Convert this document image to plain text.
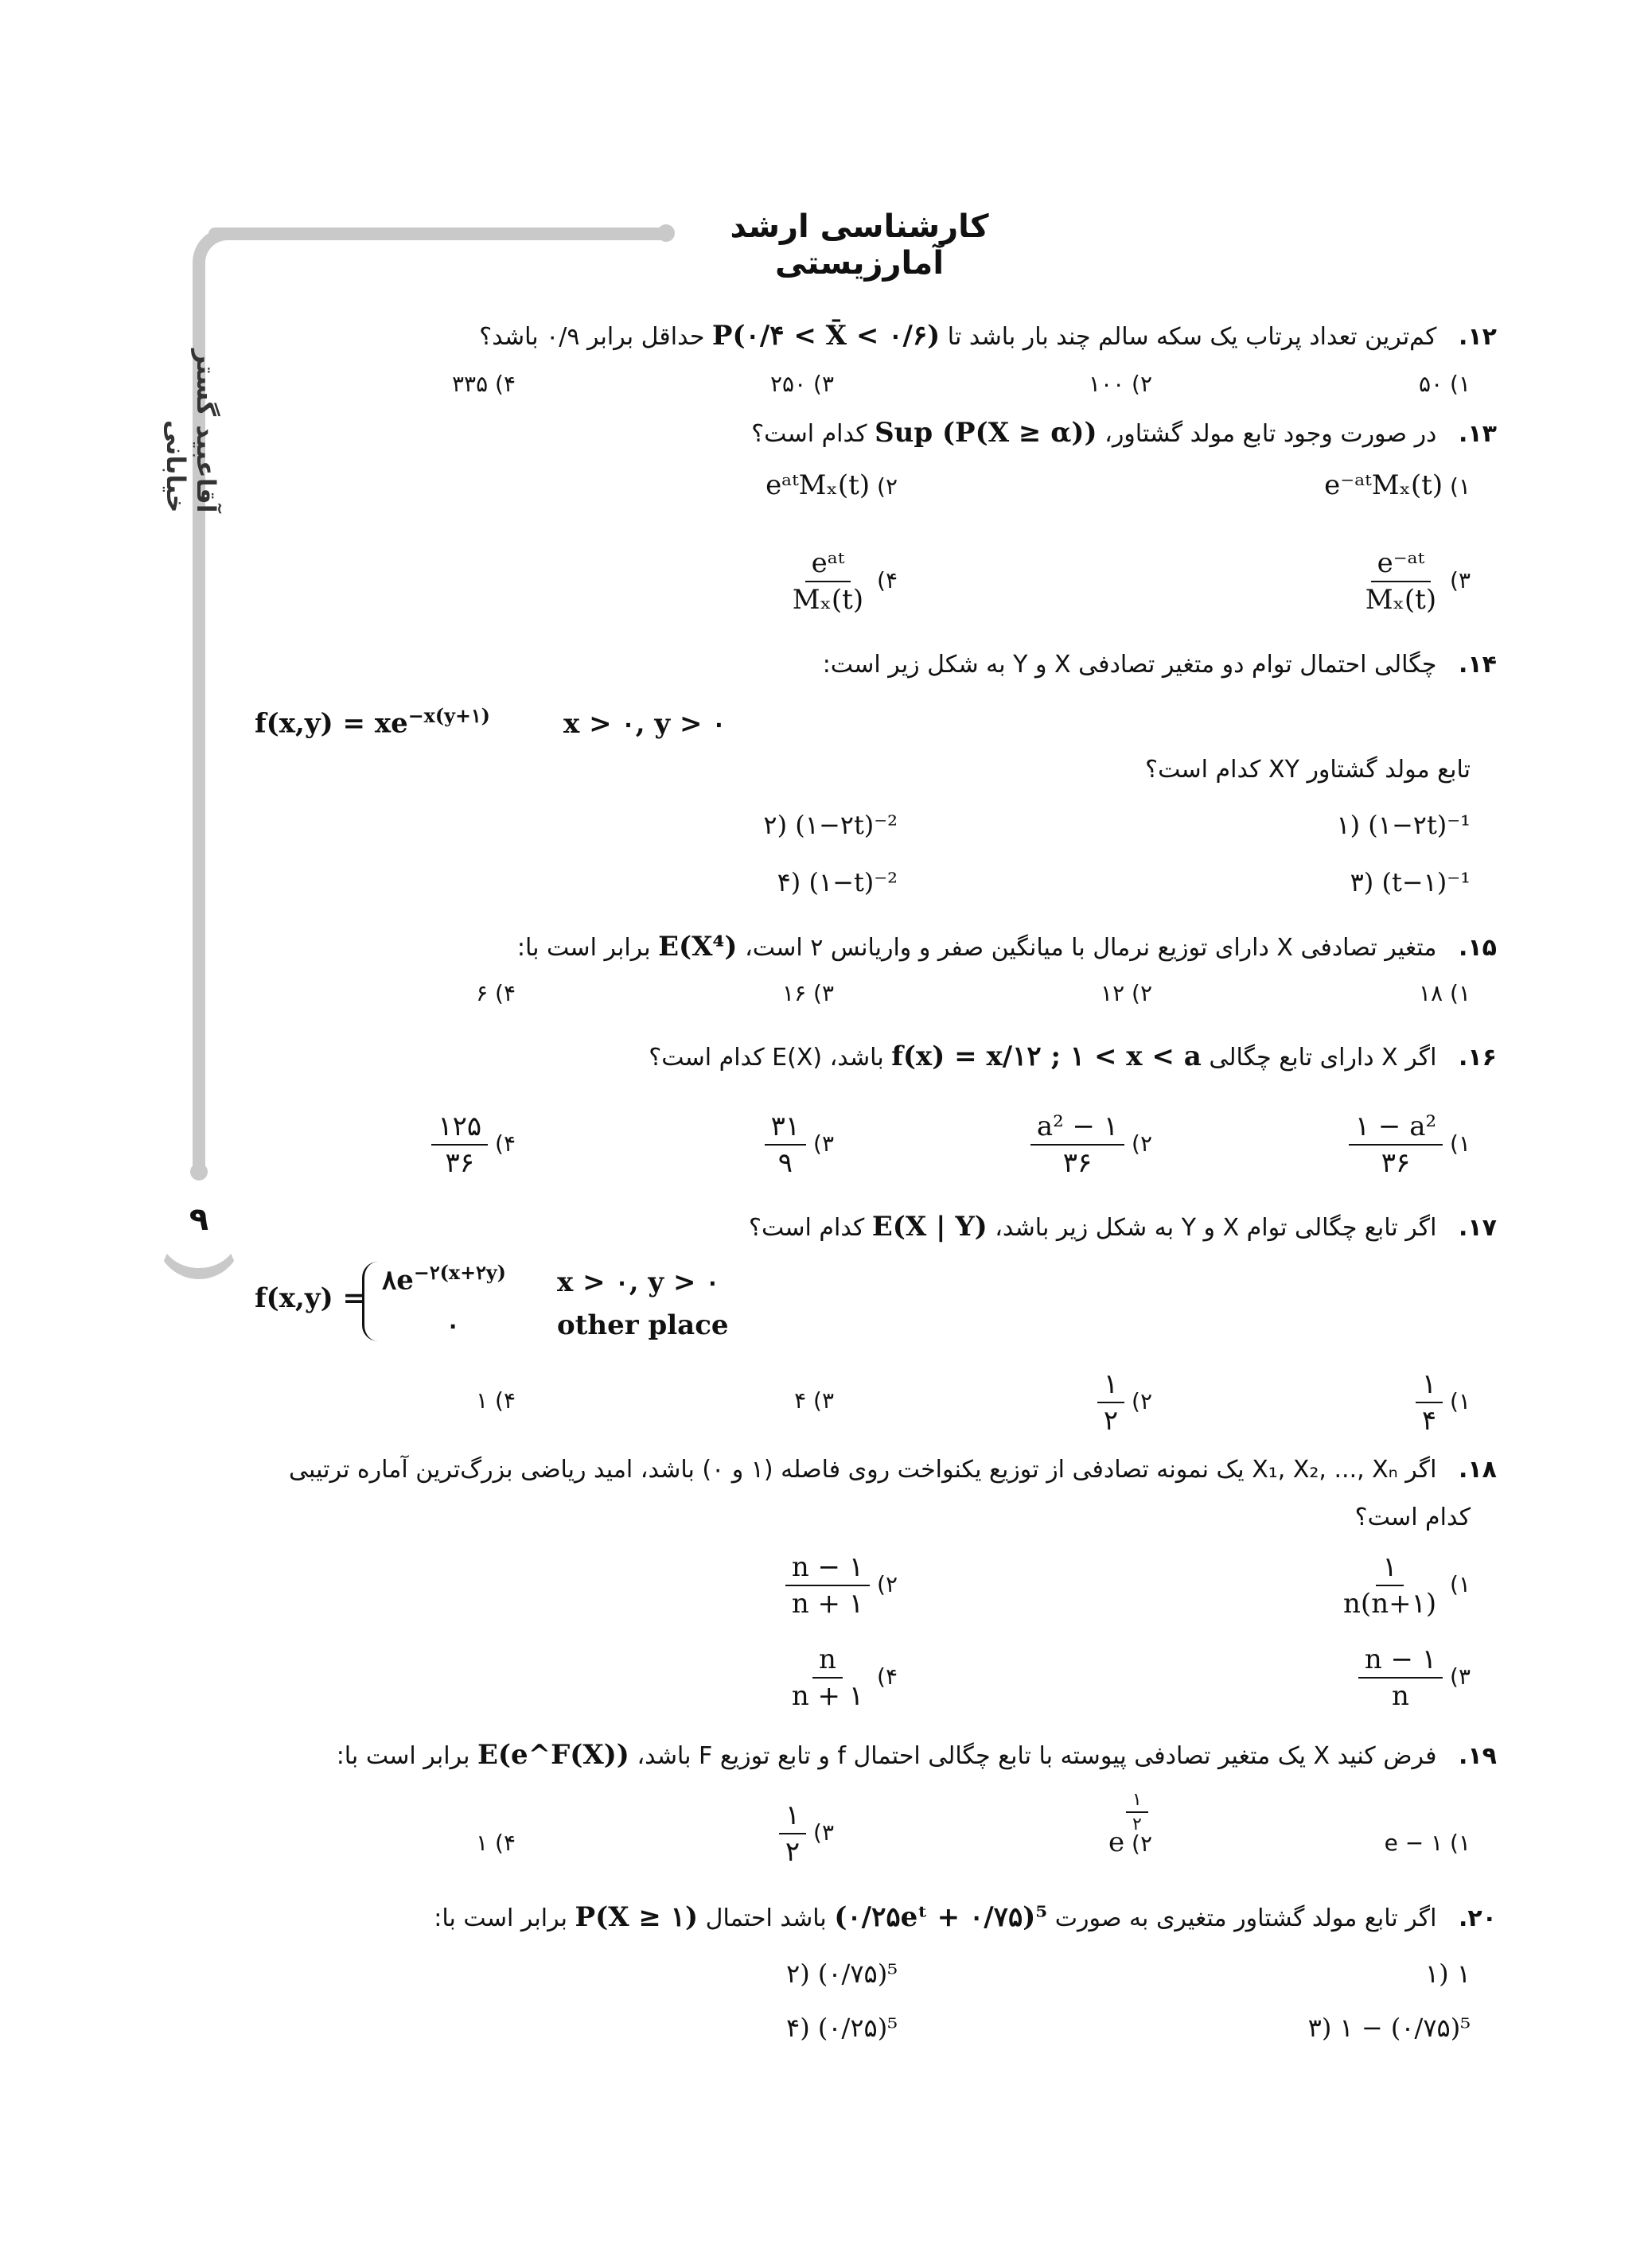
۹
آقاعبید گستر خیابانی
کارشناسی ارشد آمارزیستی
۱۲. کم‌ترین تعداد پرتاب یک سکه سالم چند بار باشد تا P(۰/۴ < X̄ < ۰/۶) حداقل برابر ۰/۹ باشد؟
۱) ۵۰
۲) ۱۰۰
۳) ۲۵۰
۴) ۳۳۵
۱۳. در صورت وجود تابع مولد گشتاور، Sup (P(X ≥ α)) کدام است؟
۱) e⁻ᵃᵗMₓ(t)
۲) eᵃᵗMₓ(t)
۳)
$\frac{\text{e⁻ᵃᵗ}}{\text{Mₓ(t)}}$
۴)
$\frac{\text{eᵃᵗ}}{\text{Mₓ(t)}}$
۱۴. چگالی احتمال توام دو متغیر تصادفی X و Y به شکل زیر است:
$f(x,y) = xe^{-x(y+۱)}$	x > ۰, y > ۰
تابع مولد گشتاور XY کدام است؟
۱) (۱−۲t)⁻¹
۲) (۱−۲t)⁻²
۳) (t−۱)⁻¹
۴) (۱−t)⁻²
۱۵. متغیر تصادفی X دارای توزیع نرمال با میانگین صفر و واریانس ۲ است، E(X⁴) برابر است با:
۱) ۱۸
۲) ۱۲
۳) ۱۶
۴) ۶
۱۶. اگر X دارای تابع چگالی f(x) = x/۱۲ ; ۱ < x < a باشد، E(X) کدام است؟
۱)
$\frac{\text{۱ − a²}}{۳۶}$
۲)
$\frac{\text{a² − ۱}}{۳۶}$
۳)
$\frac{۳۱}{۹}$
۴)
$\frac{۱۲۵}{۳۶}$
۱۷. اگر تابع چگالی توام X و Y به شکل زیر باشد، E(X | Y) کدام است؟
f(x,y) =
$۸e^{-۲(x+۲y)}$ x > ۰, y > ۰
۰	other place
۱)
$\frac{۱}{۴}$
۲)
$\frac{۱}{۲}$
۳) ۴
۴) ۱
۱۸. اگر X₁, X₂, ..., Xₙ یک نمونه تصادفی از توزیع یکنواخت روی فاصله (۱ و ۰) باشد، امید ریاضی بزرگ‌ترین آماره ترتیبی
کدام است؟
۱)
$\frac{۱}{n(n+۱)}$
۲)
$\frac{n - ۱}{n + ۱}$
۳)
$\frac{n - ۱}{n}$
۴)
$\frac{n}{n + ۱}$
۱۹. فرض کنید X یک متغیر تصادفی پیوسته با تابع چگالی احتمال f و تابع توزیع F باشد، E(e^F(X)) برابر است با:
۱) e − ۱
۲) e
۱
۲
۳)
$\frac{۱}{۲}$
۴) ۱
۲۰. اگر تابع مولد گشتاور متغیری به صورت (۰/۲۵eᵗ + ۰/۷۵)⁵ باشد احتمال P(X ≥ ۱) برابر است با:
۱) ۱
۲) (۰/۷۵)⁵
۳) ۱ − (۰/۷۵)⁵
۴) (۰/۲۵)⁵
